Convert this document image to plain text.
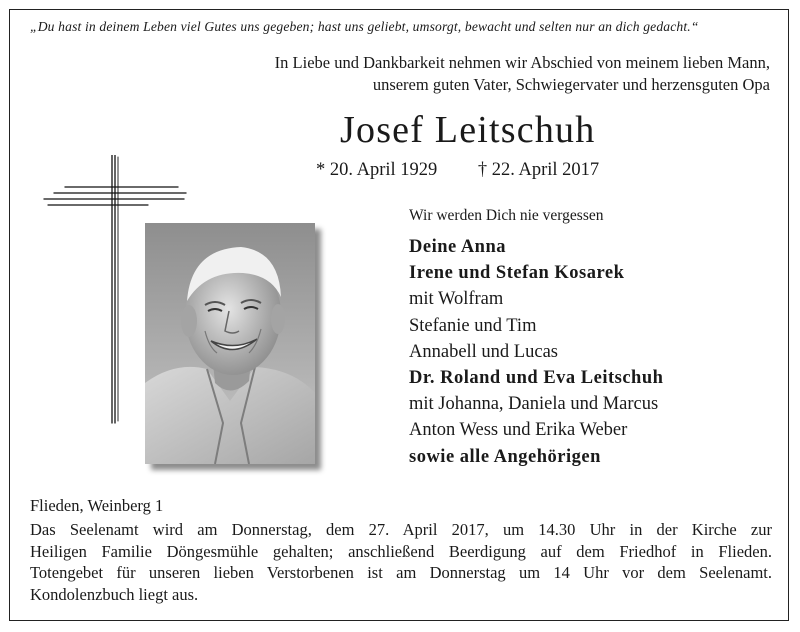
„Du hast in deinem Leben viel Gutes uns gegeben; hast uns geliebt, umsorgt, bewacht und selten nur an dich gedacht.“
In Liebe und Dankbarkeit nehmen wir Abschied von meinem lieben Mann,
unserem guten Vater, Schwiegervater und herzensguten Opa
Josef Leitschuh
* 20. April 1929 † 22. April 2017
Wir werden Dich nie vergessen
Deine Anna
Irene und Stefan Kosarek
mit Wolfram
Stefanie und Tim
Annabell und Lucas
Dr. Roland und Eva Leitschuh
mit Johanna, Daniela und Marcus
Anton Wess und Erika Weber
sowie alle Angehörigen
Flieden, Weinberg 1
Das Seelenamt wird am Donnerstag, dem 27. April 2017, um 14.30 Uhr in der Kirche zur
Heiligen Familie Döngesmühle gehalten; anschließend Beerdigung auf dem Friedhof in Flieden.
Totengebet für unseren lieben Verstorbenen ist am Donnerstag um 14 Uhr vor dem Seelenamt.
Kondolenzbuch liegt aus.
